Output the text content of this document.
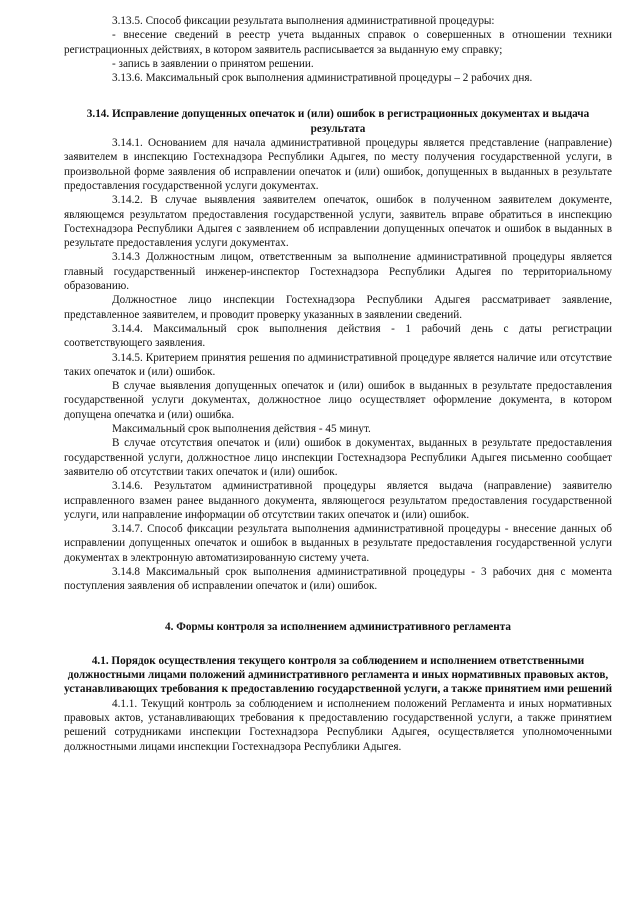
3.13.5. Способ фиксации результата выполнения административной процедуры:

- внесение сведений в реестр учета выданных справок о совершенных в отношении техники регистрационных действиях, в котором заявитель расписывается за выданную ему справку;

- запись в заявлении о принятом решении.

3.13.6. Максимальный срок выполнения административной процедуры – 2 рабочих дня.

3.14. Исправление допущенных опечаток и (или) ошибок в регистрационных документах и выдача результата

3.14.1. Основанием для начала административной процедуры является представление (направление) заявителем в инспекцию Гостехнадзора Республики Адыгея, по месту получения государственной услуги, в произвольной форме заявления об исправлении опечаток и (или) ошибок, допущенных в выданных в результате предоставления государственной услуги документах.

3.14.2. В случае выявления заявителем опечаток, ошибок в полученном заявителем документе, являющемся результатом предоставления государственной услуги, заявитель вправе обратиться в инспекцию Гостехнадзора Республики Адыгея с заявлением об исправлении допущенных опечаток и ошибок в выданных в результате предоставления услуги документах.

3.14.3 Должностным лицом, ответственным за выполнение административной процедуры является главный государственный инженер-инспектор Гостехнадзора Республики Адыгея по территориальному образованию.

Должностное лицо инспекции Гостехнадзора Республики Адыгея рассматривает заявление, представленное заявителем, и проводит проверку указанных в заявлении сведений.

3.14.4. Максимальный срок выполнения действия - 1 рабочий день с даты регистрации соответствующего заявления.

3.14.5. Критерием принятия решения по административной процедуре является наличие или отсутствие таких опечаток и (или) ошибок.

В случае выявления допущенных опечаток и (или) ошибок в выданных в результате предоставления государственной услуги документах, должностное лицо осуществляет оформление документа, в котором допущена опечатка и (или) ошибка.

Максимальный срок выполнения действия - 45 минут.

В случае отсутствия опечаток и (или) ошибок в документах, выданных в результате предоставления государственной услуги, должностное лицо инспекции Гостехнадзора Республики Адыгея письменно сообщает заявителю об отсутствии таких опечаток и (или) ошибок.

3.14.6. Результатом административной процедуры является выдача (направление) заявителю исправленного взамен ранее выданного документа, являющегося результатом предоставления государственной услуги, или направление информации об отсутствии таких опечаток и (или) ошибок.

3.14.7. Способ фиксации результата выполнения административной процедуры - внесение данных об исправлении допущенных опечаток и ошибок в выданных в результате предоставления государственной услуги документах в электронную автоматизированную систему учета.

3.14.8 Максимальный срок выполнения административной процедуры - 3 рабочих дня с момента поступления заявления об исправлении опечаток и (или) ошибок.

4. Формы контроля за исполнением административного регламента

4.1. Порядок осуществления текущего контроля за соблюдением и исполнением ответственными должностными лицами положений административного регламента и иных нормативных правовых актов, устанавливающих требования к предоставлению государственной услуги, а также принятием ими решений

4.1.1. Текущий контроль за соблюдением и исполнением положений Регламента и иных нормативных правовых актов, устанавливающих требования к предоставлению государственной услуги, а также принятием решений сотрудниками инспекции Гостехнадзора Республики Адыгея, осуществляется уполномоченными должностными лицами инспекции Гостехнадзора Республики Адыгея.
